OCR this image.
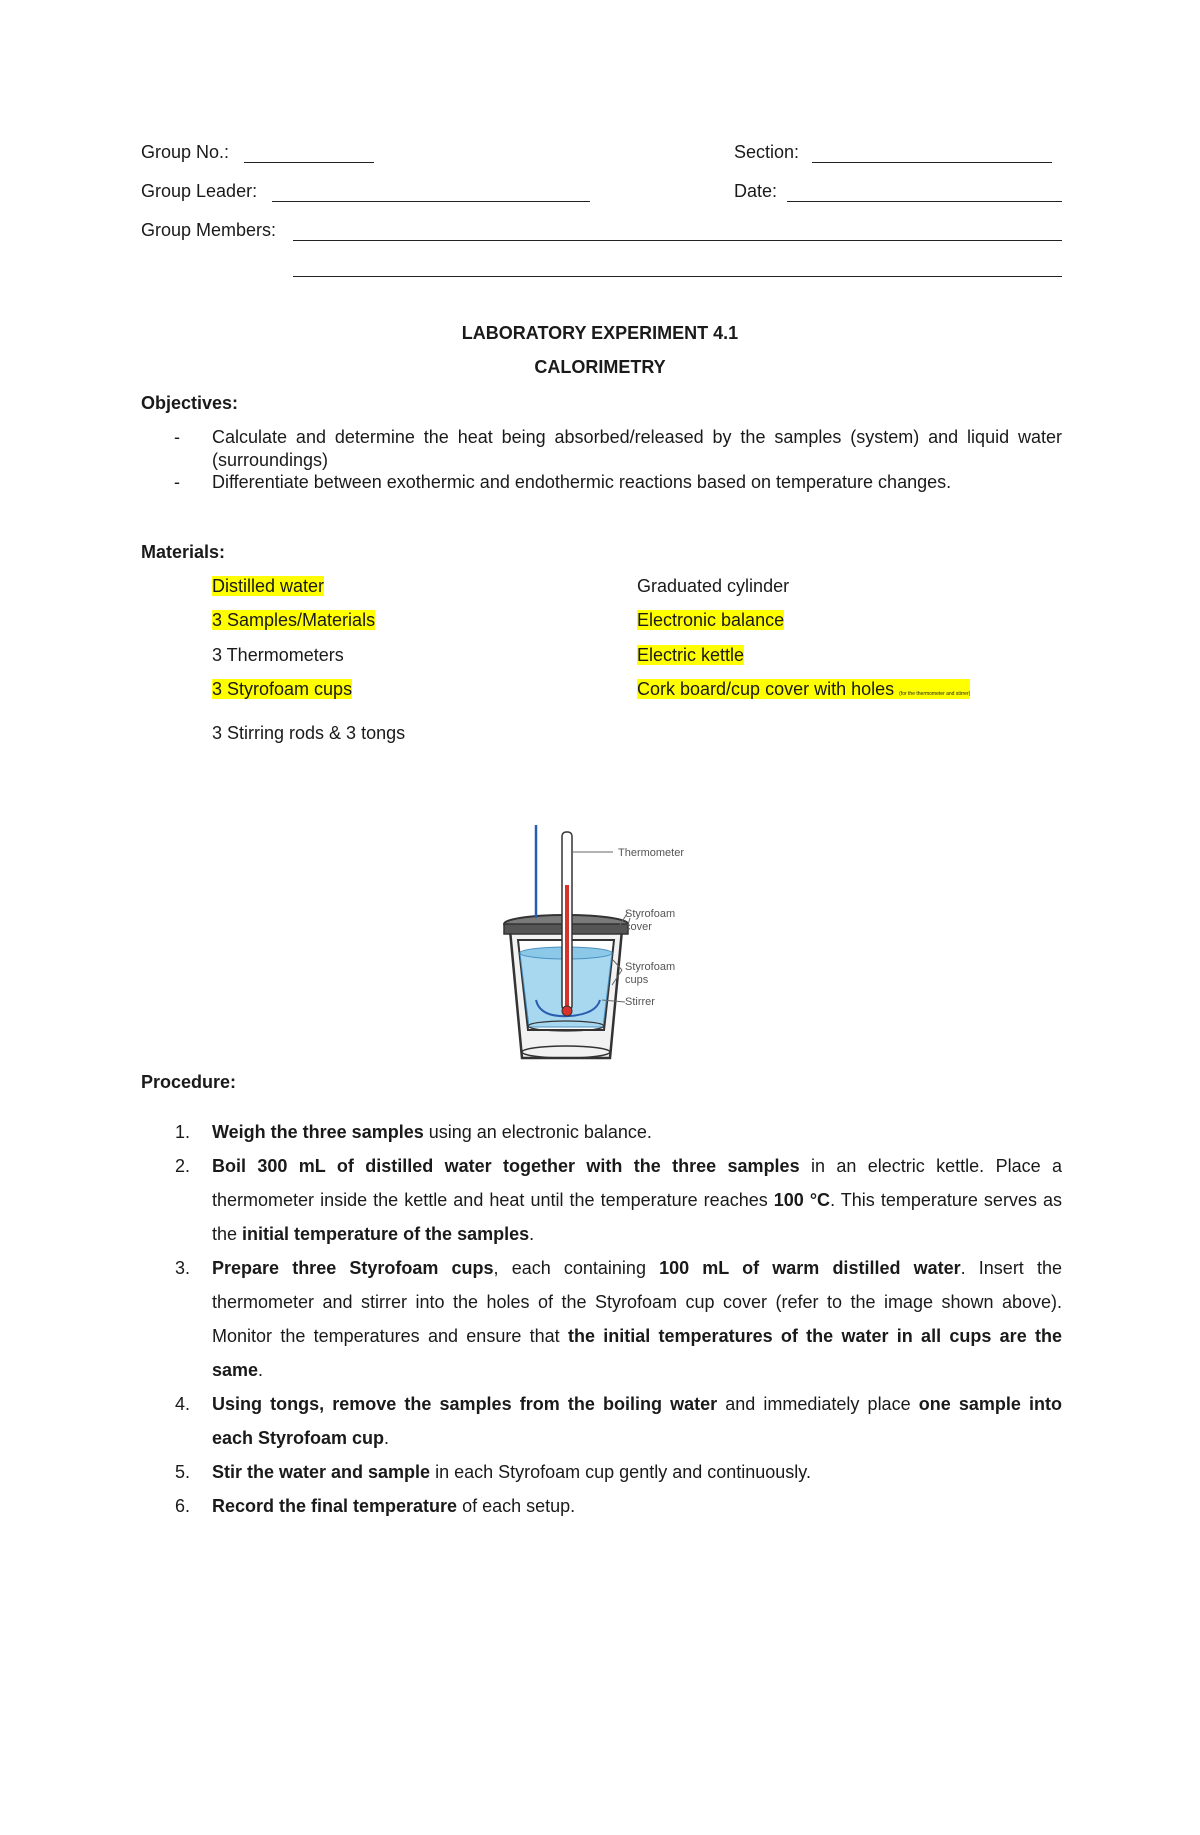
Group No.:	Section:
Group Leader:	Date:
Group Members:
LABORATORY EXPERIMENT 4.1
CALORIMETRY
Objectives:
- Calculate and determine the heat being absorbed/released by the samples (system) and liquid water (surroundings)
- Differentiate between exothermic and endothermic reactions based on temperature changes.
Materials:
Distilled water
3 Samples/Materials
3 Thermometers
3 Styrofoam cups
3 Stirring rods & 3 tongs
Graduated cylinder
Electronic balance
Electric kettle
Cork board/cup cover with holes (for the thermometer and stirrer)
Thermometer
Styrofoam
cover
Styrofoam
cups
Stirrer
Procedure:
1. Weigh the three samples using an electronic balance.
2. Boil 300 mL of distilled water together with the three samples in an electric kettle. Place a thermometer inside the kettle and heat until the temperature reaches 100 °C. This temperature serves as the initial temperature of the samples.
3. Prepare three Styrofoam cups, each containing 100 mL of warm distilled water. Insert the thermometer and stirrer into the holes of the Styrofoam cup cover (refer to the image shown above). Monitor the temperatures and ensure that the initial temperatures of the water in all cups are the same.
4. Using tongs, remove the samples from the boiling water and immediately place one sample into each Styrofoam cup.
5. Stir the water and sample in each Styrofoam cup gently and continuously.
6. Record the final temperature of each setup.
